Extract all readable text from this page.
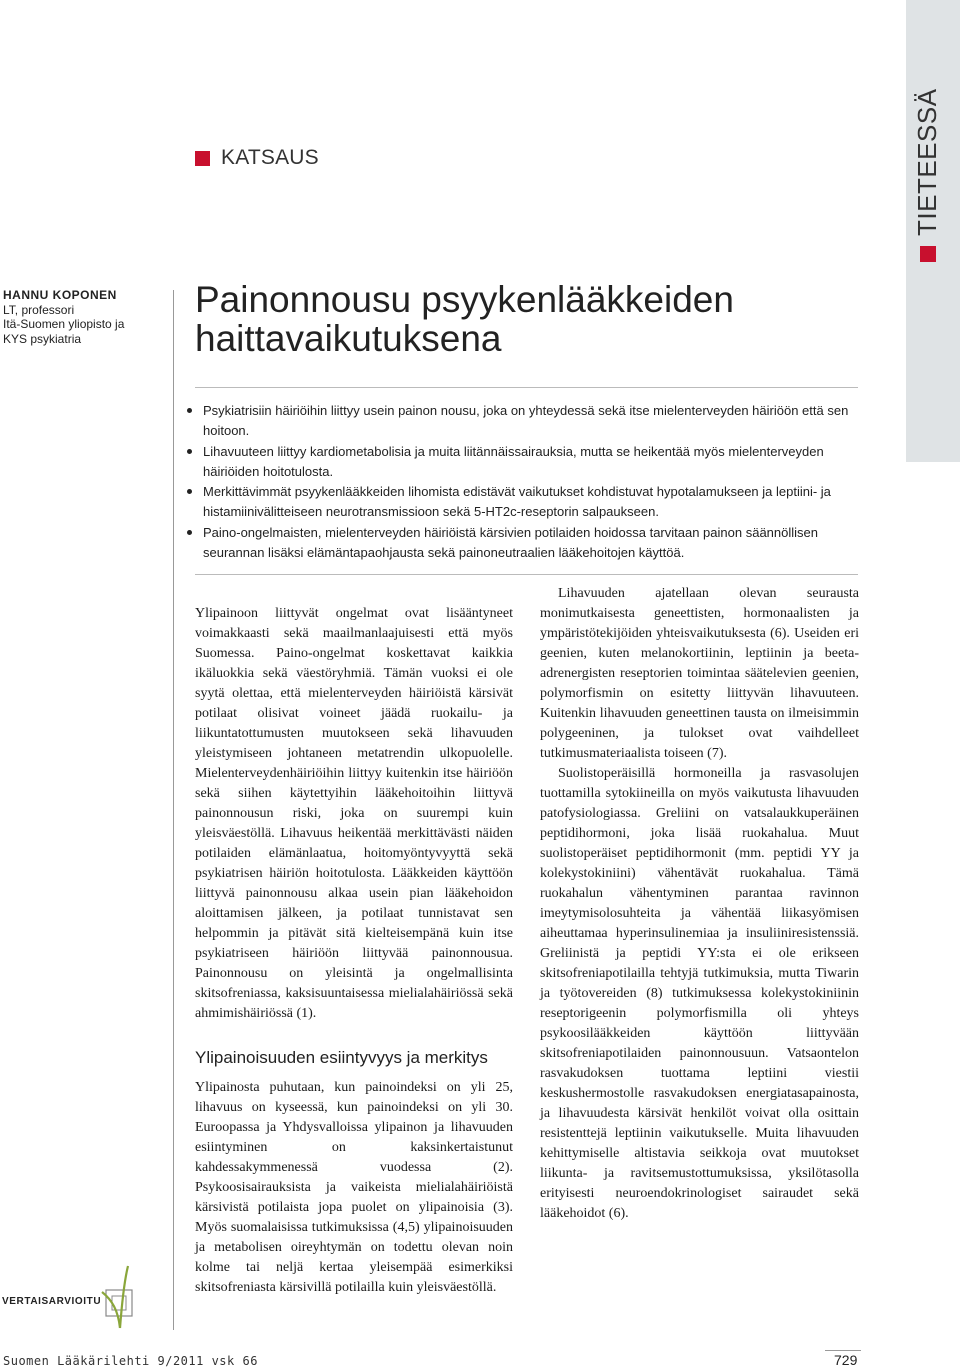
TIETEESSÄ
KATSAUS
HANNU KOPONEN
LT, professori
Itä-Suomen yliopisto ja
KYS psykiatria
Painonnousu psyykenlääkkeiden
haittavaikutuksena
Psykiatrisiin häiriöihin liittyy usein painon nousu, joka on yhteydessä sekä itse mielenterveyden häiriöön että sen hoitoon.
Lihavuuteen liittyy kardiometabolisia ja muita liitännäissairauksia, mutta se heikentää myös mielenterveyden häiriöiden hoitotulosta.
Merkittävimmät psyykenlääkkeiden lihomista edistävät vaikutukset kohdistuvat hypotalamukseen ja leptiini- ja histamiinivälitteiseen neurotransmissioon sekä 5-HT2c-reseptorin salpaukseen.
Paino-ongelmaisten, mielenterveyden häiriöistä kärsivien potilaiden hoidossa tarvitaan painon säännöllisen seurannan lisäksi elämäntapaohjausta sekä painoneutraalien lääkehoitojen käyttöä.

Ylipainoon liittyvät ongelmat ovat lisääntyneet voimakkaasti sekä maailmanlaajuisesti että myös Suomessa. Paino-ongelmat koskettavat kaikkia ikäluokkia sekä väestöryhmiä. Tämän vuoksi ei ole syytä olettaa, että mielenterveyden häiriöistä kärsivät potilaat olisivat voineet jäädä ruokailu- ja liikuntatottumusten muutokseen sekä lihavuuden yleistymiseen johtaneen metatrendin ulkopuolelle. Mielenterveydenhäiriöihin liittyy kuitenkin itse häiriöön sekä siihen käytettyihin lääkehoitoihin liittyvä painonnousun riski, joka on suurempi kuin yleisväestöllä. Lihavuus heikentää merkittävästi näiden potilaiden elämänlaatua, hoitomyöntyvyyttä sekä psykiatrisen häiriön hoitotulosta. Lääkkeiden käyttöön liittyvä painonnousu alkaa usein pian lääkehoidon aloittamisen jälkeen, ja potilaat tunnistavat sen helpommin ja pitävät sitä kielteisempänä kuin itse psykiatriseen häiriöön liittyvää painonnousua. Painonnousu on yleisintä ja ongelmallisinta skitsofreniassa, kaksisuuntaisessa mielialahäiriössä sekä ahmimishäiriössä (1).

Ylipainoisuuden esiintyvyys ja merkitys

Ylipainosta puhutaan, kun painoindeksi on yli 25, lihavuus on kyseessä, kun painoindeksi on yli 30. Euroopassa ja Yhdysvalloissa ylipainon ja lihavuuden esiintyminen on kaksinkertaistunut kahdessakymmenessä vuodessa (2). Psykoosisairauksista ja vaikeista mielialahäiriöistä kärsivistä potilaista jopa puolet on ylipainoisia (3). Myös suomalaisissa tutkimuksissa (4,5) ylipainoisuuden ja metabolisen oireyhtymän on todettu olevan noin kolme tai neljä kertaa yleisempää esimerkiksi skitsofreniasta kärsivillä potilailla kuin yleisväestöllä.

Lihavuuden ajatellaan olevan seurausta monimutkaisesta geneettisten, hormonaalisten ja ympäristötekijöiden yhteisvaikutuksesta (6). Useiden eri geenien, kuten melanokortiinin, leptiinin ja beeta-adrenergisten reseptorien toimintaa säätelevien geenien, polymorfismin on esitetty liittyvän lihavuuteen. Kuitenkin lihavuuden geneettinen tausta on ilmeisimmin polygeeninen, ja tulokset ovat vaihdelleet tutkimusmateriaalista toiseen (7).

Suolistoperäisillä hormoneilla ja rasvasolujen tuottamilla sytokiineilla on myös vaikutusta lihavuuden patofysiologiassa. Greliini on vatsalaukkuperäinen peptidihormoni, joka lisää ruokahalua. Muut suolistoperäiset peptidihormonit (mm. peptidi YY ja kolekystokiniini) vähentävät ruokahalua. Tämä ruokahalun vähentyminen parantaa ravinnon imeytymisolosuhteita ja vähentää liikasyömisen aiheuttamaa hyperinsulinemiaa ja insuliiniresistenssiä. Greliinistä ja peptidi YY:sta ei ole erikseen skitsofreniapotilailla tehtyjä tutkimuksia, mutta Tiwarin ja työtovereiden (8) tutkimuksessa kolekystokiniinin reseptorigeenin polymorfismilla oli yhteys psykoosilääkkeiden käyttöön liittyvään skitsofreniapotilaiden painonnousuun. Vatsaontelon rasvakudoksen tuottama leptiini viestii keskushermostolle rasvakudoksen energiatasapainosta, ja lihavuudesta kärsivät henkilöt voivat olla osittain resistenttejä leptiinin vaikutukselle. Muita lihavuuden kehittymiselle altistavia seikkoja ovat muutokset liikunta- ja ravitsemustottumuksissa, yksilötasolla erityisesti neuroendokrinologiset sairaudet sekä lääkehoidot (6).

VERTAISARVIOITU
Suomen Lääkärilehti 9/2011 vsk 66	729
